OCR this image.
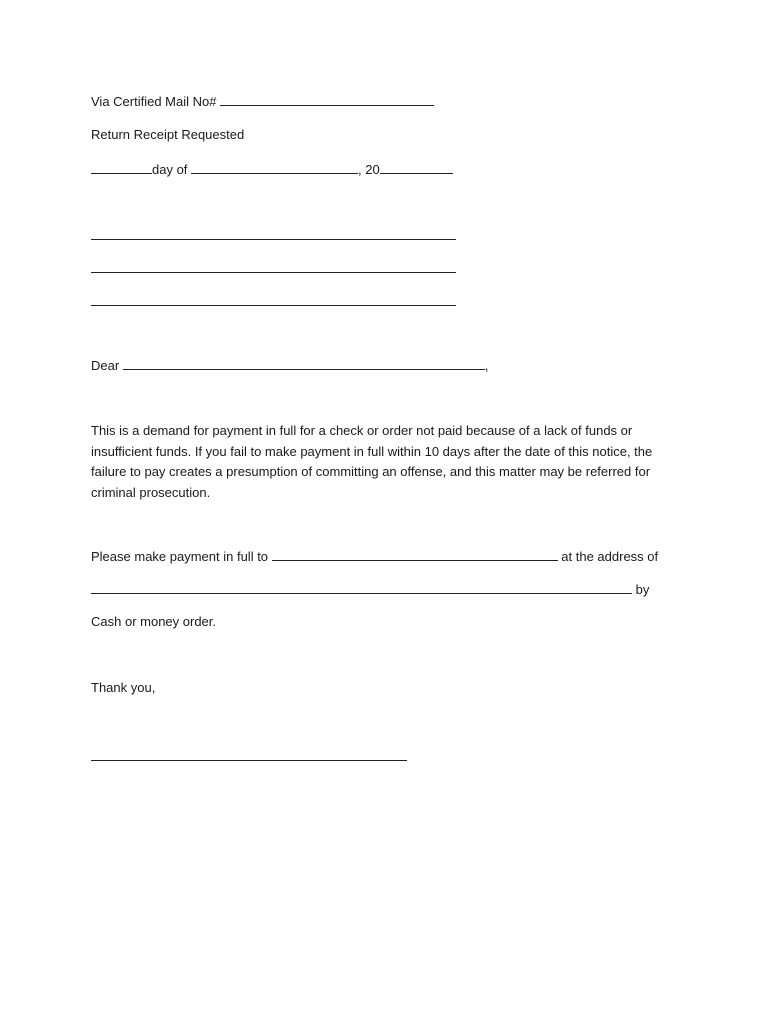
Via Certified Mail No#
Return Receipt Requested
day of	, 20
Dear	,
This is a demand for payment in full for a check or order not paid because of a lack of funds or insufficient funds. If you fail to make payment in full within 10 days after the date of this notice, the failure to pay creates a presumption of committing an offense, and this matter may be referred for criminal prosecution.
Please make payment in full to	at the address of
by
Cash or money order.
Thank you,
